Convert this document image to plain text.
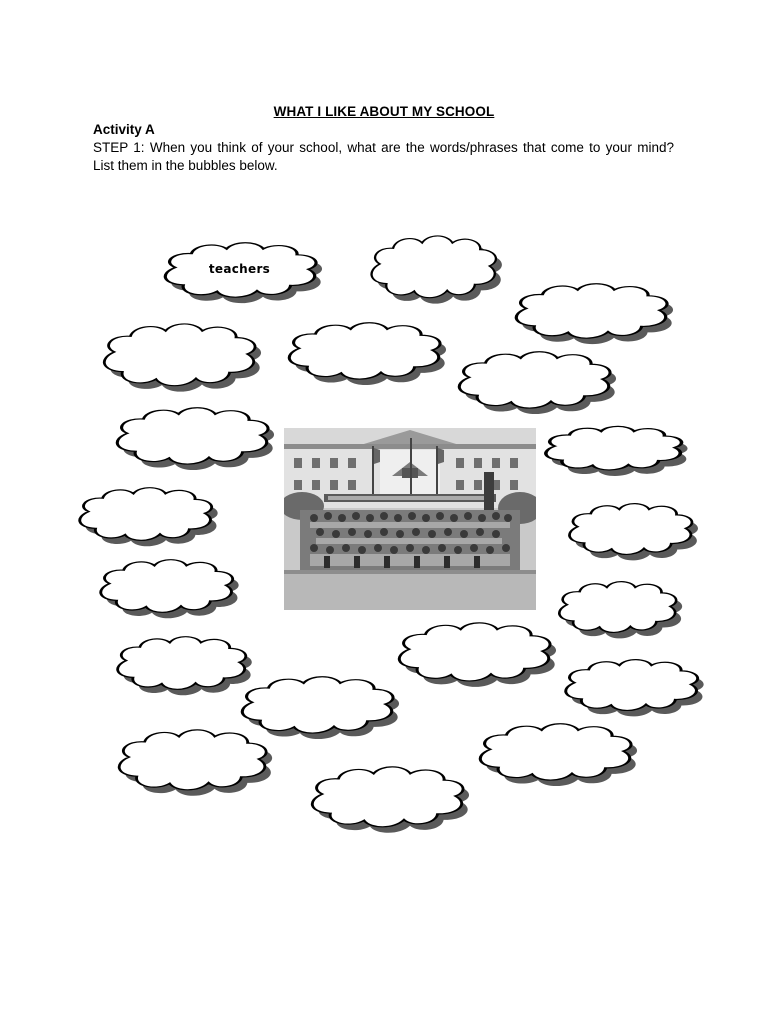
WHAT I LIKE ABOUT MY SCHOOL
Activity A
STEP 1: When you think of your school, what are the words/phrases that come to your mind? List them in the bubbles below.
teachers
